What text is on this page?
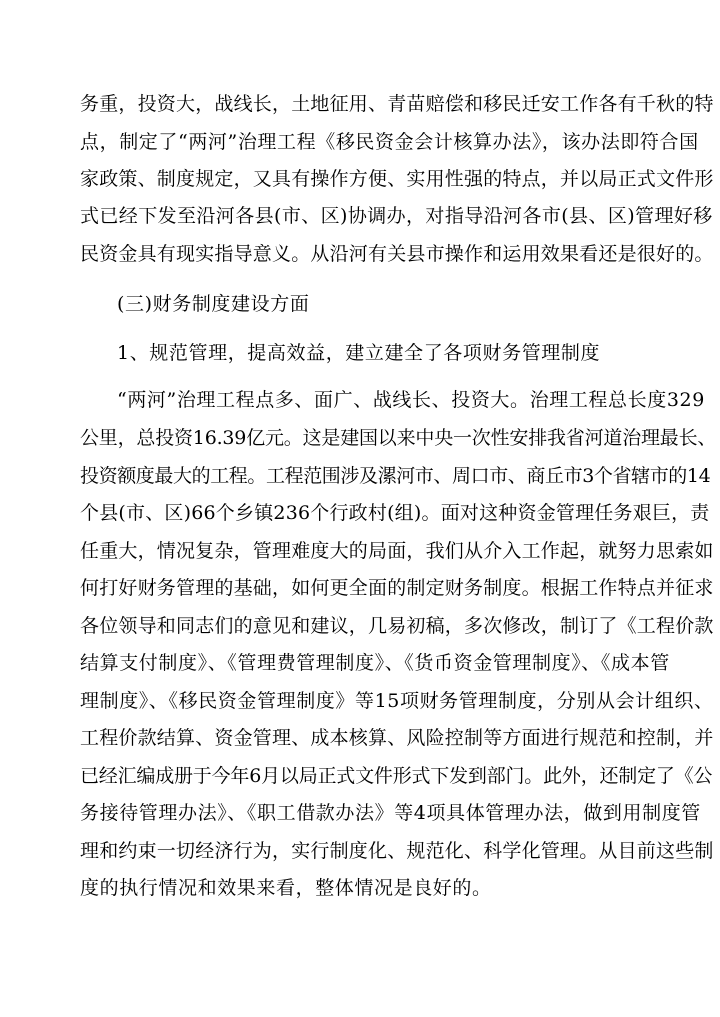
务重，投资大，战线长，土地征用、青苗赔偿和移民迁安工作各有千秋的特
点，制定了“两河”治理工程《移民资金会计核算办法》，该办法即符合国
家政策、制度规定，又具有操作方便、实用性强的特点，并以局正式文件形
式已经下发至沿河各县(市、区)协调办，对指导沿河各市(县、区)管理好移
民资金具有现实指导意义。从沿河有关县市操作和运用效果看还是很好的。
(三)财务制度建设方面
1、规范管理，提高效益，建立建全了各项财务管理制度
“两河”治理工程点多、面广、战线长、投资大。治理工程总长度329
公里，总投资16.39亿元。这是建国以来中央一次性安排我省河道治理最长、
投资额度最大的工程。工程范围涉及漯河市、周口市、商丘市3个省辖市的14
个县(市、区)66个乡镇236个行政村(组)。面对这种资金管理任务艰巨，责
任重大，情况复杂，管理难度大的局面，我们从介入工作起，就努力思索如
何打好财务管理的基础，如何更全面的制定财务制度。根据工作特点并征求
各位领导和同志们的意见和建议，几易初稿，多次修改，制订了《工程价款
结算支付制度》、《管理费管理制度》、《货币资金管理制度》、《成本管
理制度》、《移民资金管理制度》等15项财务管理制度，分别从会计组织、
工程价款结算、资金管理、成本核算、风险控制等方面进行规范和控制，并
已经汇编成册于今年6月以局正式文件形式下发到部门。此外，还制定了《公
务接待管理办法》、《职工借款办法》等4项具体管理办法，做到用制度管
理和约束一切经济行为，实行制度化、规范化、科学化管理。从目前这些制
度的执行情况和效果来看，整体情况是良好的。
